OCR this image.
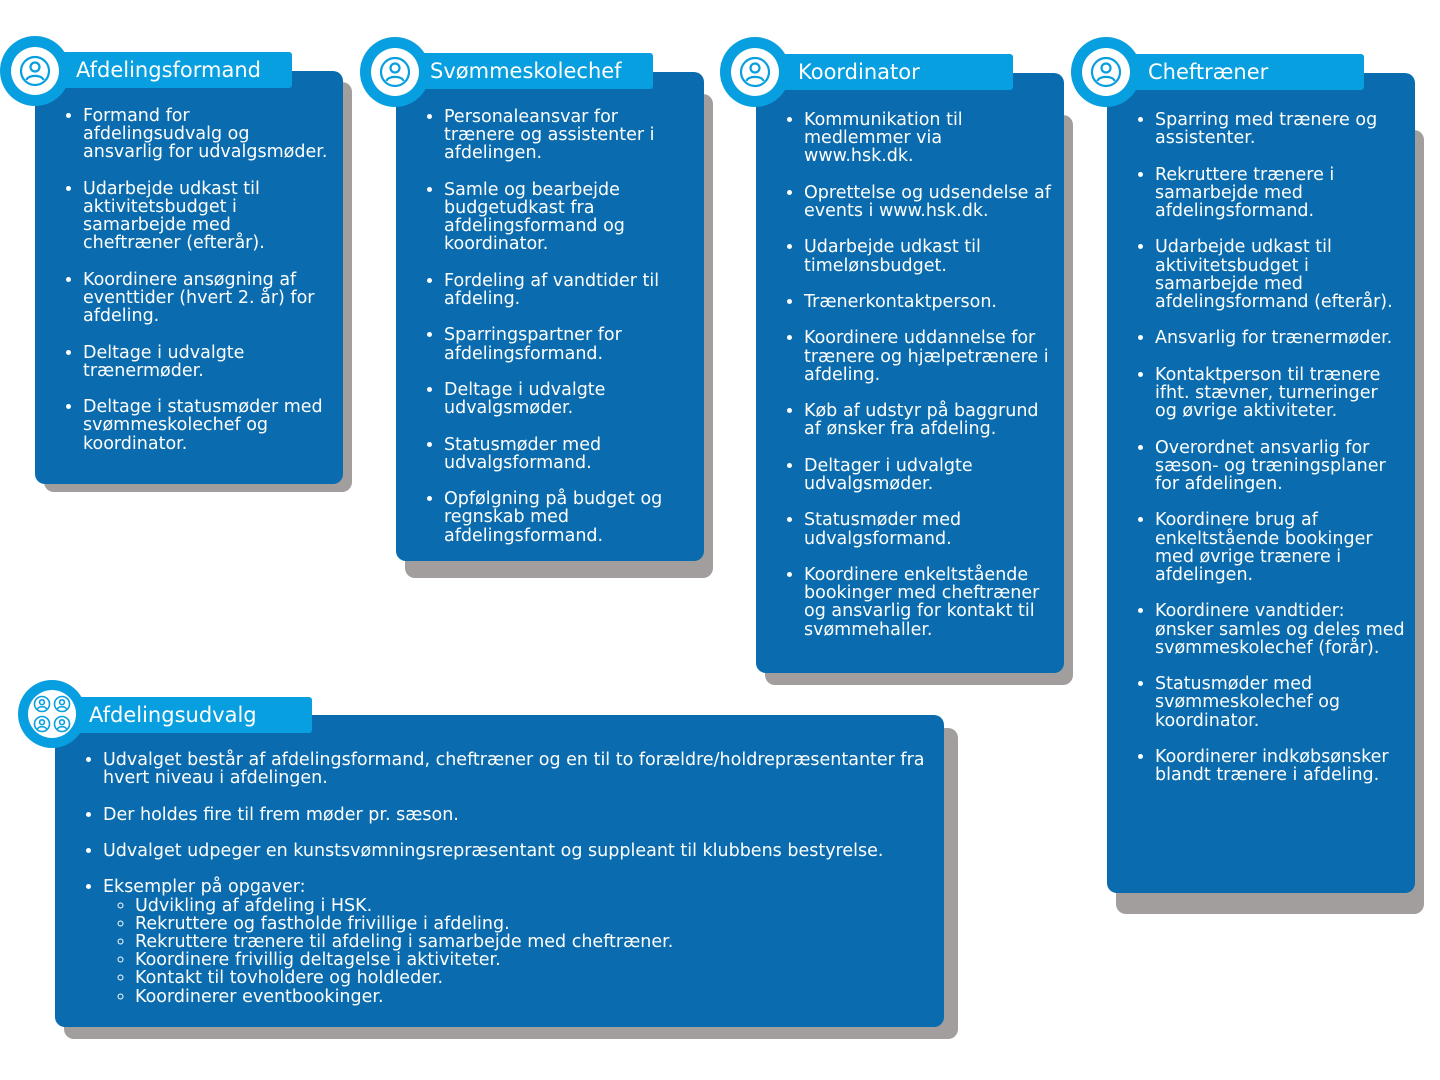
• Formand for afdelingsudvalg og ansvarlig for udvalgsmøder.
• Udarbejde udkast til aktivitetsbudget i samarbejde med cheftræner (efterår).
• Koordinere ansøgning af eventtider (hvert 2. år) for afdeling.
• Deltage i udvalgte trænermøder.
• Deltage i statusmøder med svømmeskolechef og koordinator.
Afdelingsformand
• Personaleansvar for trænere og assistenter i afdelingen.
• Samle og bearbejde budgetudkast fra afdelingsformand og koordinator.
• Fordeling af vandtider til afdeling.
• Sparringspartner for afdelingsformand.
• Deltage i udvalgte udvalgsmøder.
• Statusmøder med udvalgsformand.
• Opfølgning på budget og regnskab med afdelingsformand.
Svømmeskolechef
• Kommunikation til medlemmer via www.hsk.dk.
• Oprettelse og udsendelse af events i www.hsk.dk.
• Udarbejde udkast til timelønsbudget.
• Trænerkontaktperson.
• Koordinere uddannelse for trænere og hjælpetrænere i afdeling.
• Køb af udstyr på baggrund af ønsker fra afdeling.
• Deltager i udvalgte udvalgsmøder.
• Statusmøder med udvalgsformand.
• Koordinere enkeltstående bookinger med cheftræner og ansvarlig for kontakt til svømmehaller.
Koordinator
• Sparring med trænere og assistenter.
• Rekruttere trænere i samarbejde med afdelingsformand.
• Udarbejde udkast til aktivitetsbudget i samarbejde med afdelingsformand (efterår).
• Ansvarlig for trænermøder.
• Kontaktperson til trænere ifht. stævner, turneringer og øvrige aktiviteter.
• Overordnet ansvarlig for sæson- og træningsplaner for afdelingen.
• Koordinere brug af enkeltstående bookinger med øvrige trænere i afdelingen.
• Koordinere vandtider: ønsker samles og deles med svømmeskolechef (forår).
• Statusmøder med svømmeskolechef og koordinator.
• Koordinerer indkøbsønsker blandt trænere i afdeling.
Cheftræner
• Udvalget består af afdelingsformand, cheftræner og en til to forældre/holdrepræsentanter fra hvert niveau i afdelingen.
• Der holdes fire til frem møder pr. sæson.
• Udvalget udpeger en kunstsvømningsrepræsentant og suppleant til klubbens bestyrelse.
• Eksempler på opgaver:
◦ Udvikling af afdeling i HSK.
◦ Rekruttere og fastholde frivillige i afdeling.
◦ Rekruttere trænere til afdeling i samarbejde med cheftræner.
◦ Koordinere frivillig deltagelse i aktiviteter.
◦ Kontakt til tovholdere og holdleder.
◦ Koordinerer eventbookinger.
Afdelingsudvalg
